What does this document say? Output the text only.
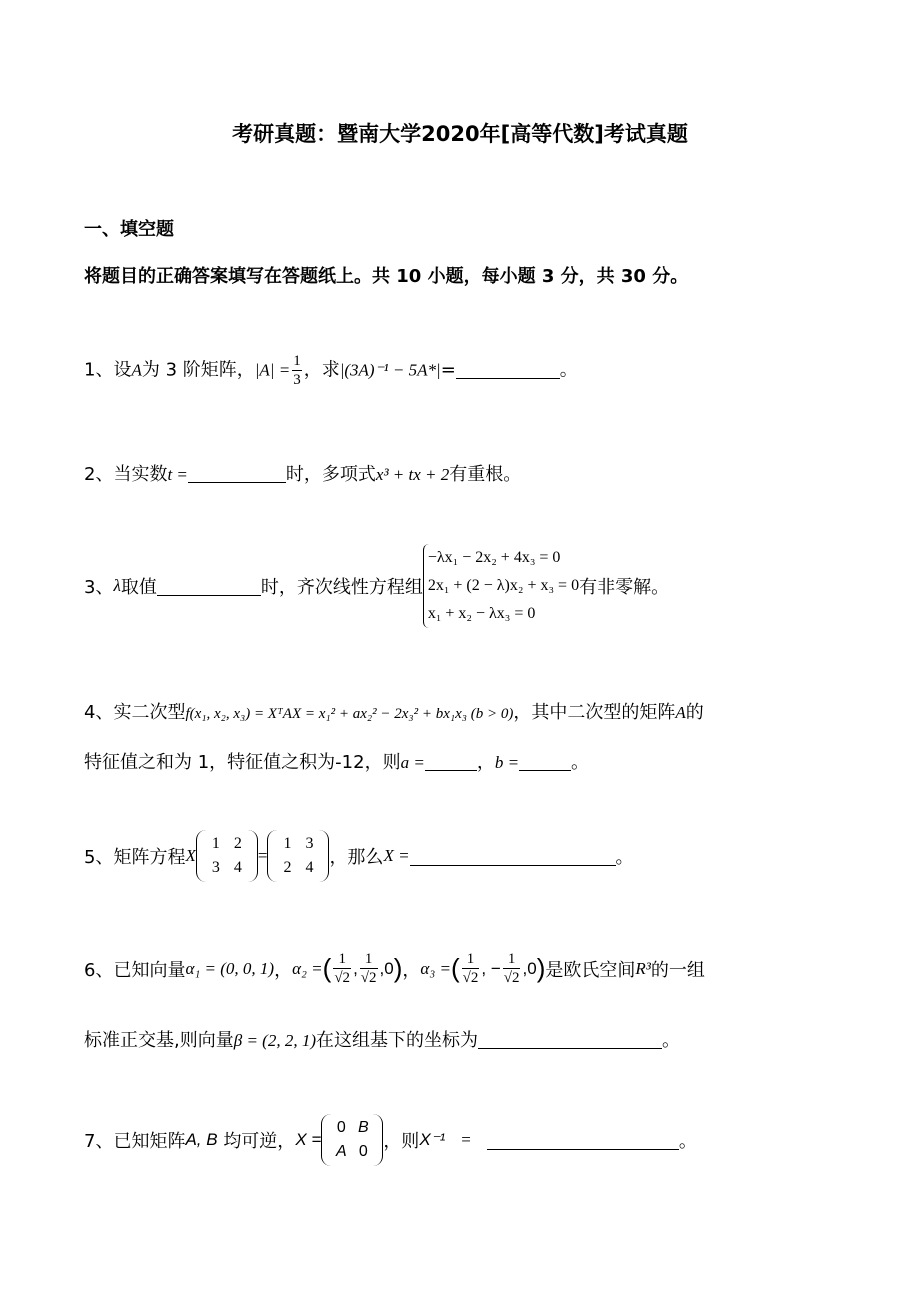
考研真题：暨南大学2020年[高等代数]考试真题
一、填空题
将题目的正确答案填写在答题纸上。共 10 小题，每小题 3 分，共 30 分。
1、设A为 3 阶矩阵，$|A| = \frac{1}{3}$ ，求|(3A)⁻¹ − 5A*|=	。
2、当实数t =	时，多项式x³ + tx + 2有重根。
3、 λ 取值	时，齐次线性方程组
−λx₁ − 2x₂ + 4x₃ = 0
2x₁ + (2 − λ)x₂ + x₃ = 0
x₁ + x₂ − λx₃ = 0
有非零解。
4、实二次型f(x₁, x₂, x₃) = XᵀAX = x₁² + ax₂² − 2x₃² + bx₁x₃ (b > 0)，其中二次型的矩阵A的
特征值之和为 1，特征值之积为-12，则a =	，b =	。
5、矩阵方程 X
1 2
3 4
=
1 3
2 4 ，那么 X =	。
6、已知向量 α₁ = (0, 0, 1) ， α₂ = ( $\frac{1}{√2}$ , $\frac{1}{√2}$ , 0 ) ， α₃ = ( $\frac{1}{√2}$ , − $\frac{1}{√2}$ , 0 ) 是欧氏空间 R³ 的一组
标准正交基,则向量β = (2, 2, 1)在这组基下的坐标为	。
7、已知矩阵 A, B
均可逆， X =
0 B
A 0 ，则 X⁻¹ =	。
